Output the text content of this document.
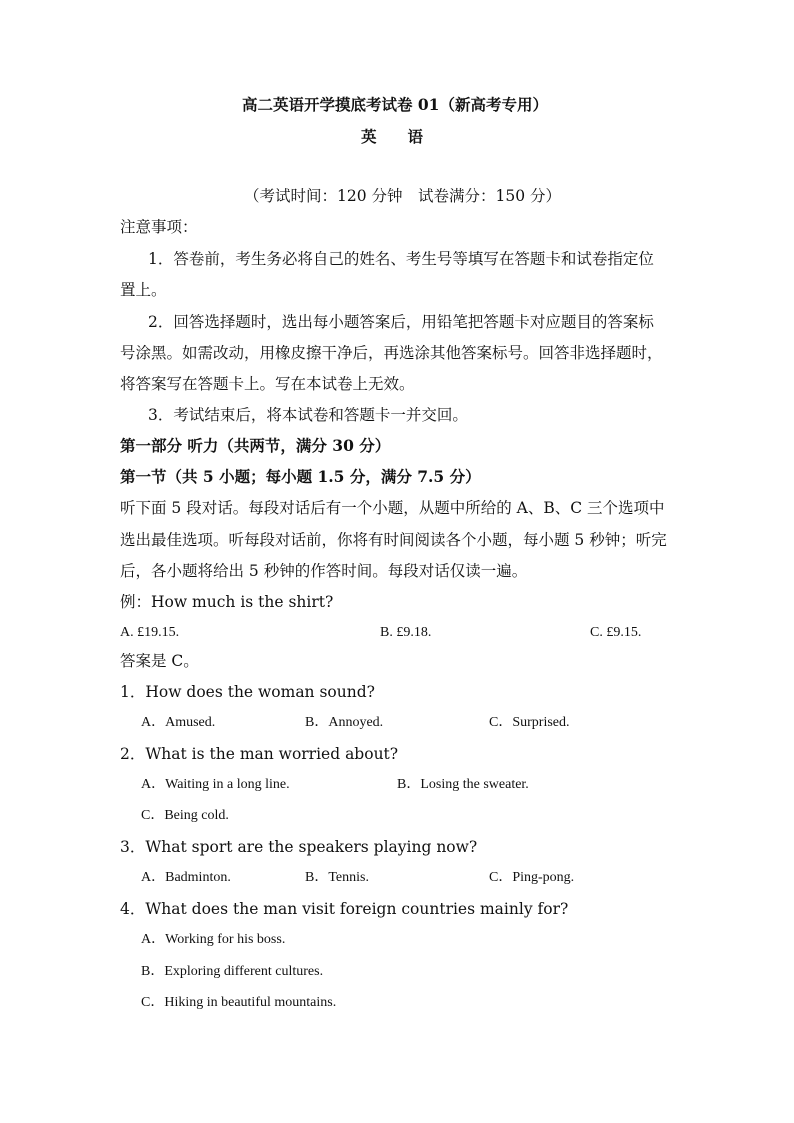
高二英语开学摸底考试卷 01（新高考专用）
英　　语
（考试时间：120 分钟　试卷满分：150 分）
注意事项：
1．答卷前，考生务必将自己的姓名、考生号等填写在答题卡和试卷指定位
置上。
2．回答选择题时，选出每小题答案后，用铅笔把答题卡对应题目的答案标
号涂黑。如需改动，用橡皮擦干净后，再选涂其他答案标号。回答非选择题时，
将答案写在答题卡上。写在本试卷上无效。
3．考试结束后，将本试卷和答题卡一并交回。
第一部分 听力（共两节，满分 30 分）
第一节（共 5 小题；每小题 1.5 分，满分 7.5 分）
听下面 5 段对话。每段对话后有一个小题，从题中所给的 A、B、C 三个选项中
选出最佳选项。听每段对话前，你将有时间阅读各个小题，每小题 5 秒钟；听完
后，各小题将给出 5 秒钟的作答时间。每段对话仅读一遍。
例：How much is the shirt?
A. £19.15.	B. £9.18.	C. £9.15.
答案是 C。
1．How does the woman sound?
A．Amused.	B．Annoyed.	C．Surprised.
2．What is the man worried about?
A．Waiting in a long line.	B．Losing the sweater.
C．Being cold.
3．What sport are the speakers playing now?
A．Badminton.	B．Tennis.	C．Ping-pong.
4．What does the man visit foreign countries mainly for?
A．Working for his boss.
B．Exploring different cultures.
C．Hiking in beautiful mountains.
